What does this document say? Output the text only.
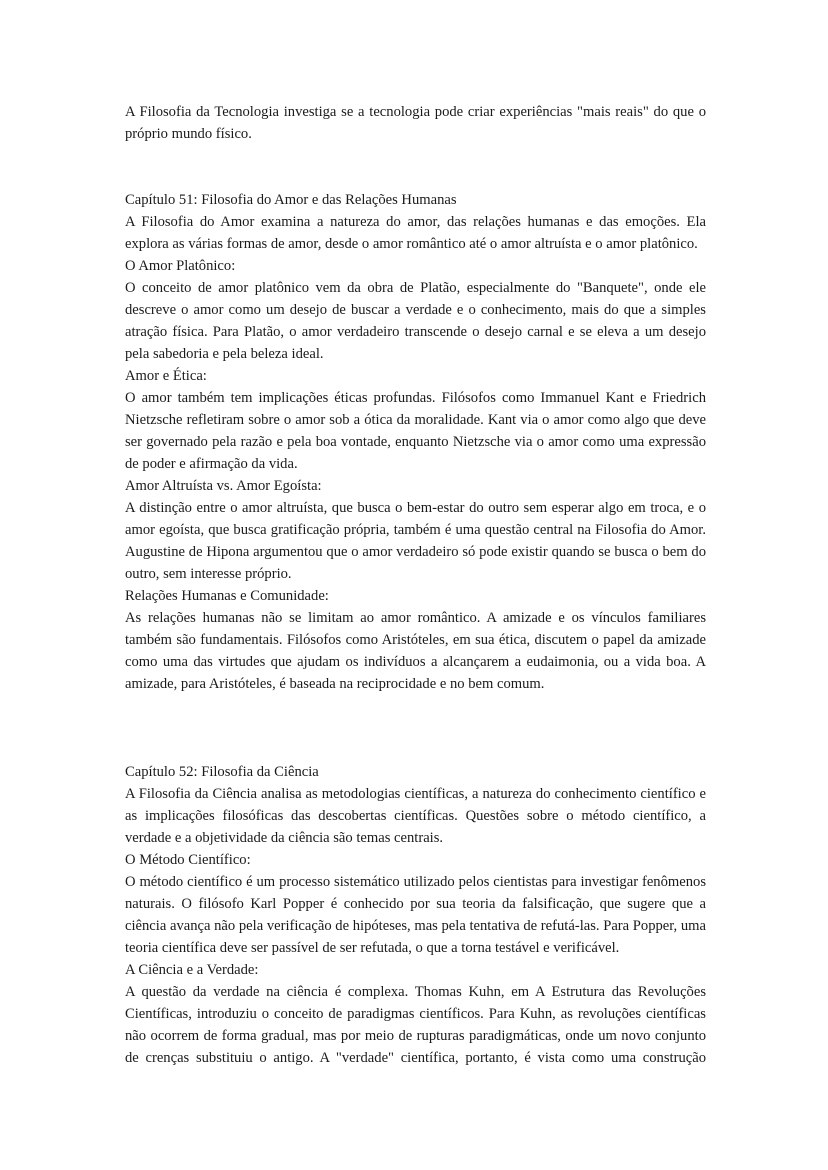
A Filosofia da Tecnologia investiga se a tecnologia pode criar experiências "mais reais" do que o próprio mundo físico.

Capítulo 51: Filosofia do Amor e das Relações Humanas

A Filosofia do Amor examina a natureza do amor, das relações humanas e das emoções. Ela explora as várias formas de amor, desde o amor romântico até o amor altruísta e o amor platônico.

O Amor Platônico:

O conceito de amor platônico vem da obra de Platão, especialmente do "Banquete", onde ele descreve o amor como um desejo de buscar a verdade e o conhecimento, mais do que a simples atração física. Para Platão, o amor verdadeiro transcende o desejo carnal e se eleva a um desejo pela sabedoria e pela beleza ideal.

Amor e Ética:

O amor também tem implicações éticas profundas. Filósofos como Immanuel Kant e Friedrich Nietzsche refletiram sobre o amor sob a ótica da moralidade. Kant via o amor como algo que deve ser governado pela razão e pela boa vontade, enquanto Nietzsche via o amor como uma expressão de poder e afirmação da vida.

Amor Altruísta vs. Amor Egoísta:

A distinção entre o amor altruísta, que busca o bem-estar do outro sem esperar algo em troca, e o amor egoísta, que busca gratificação própria, também é uma questão central na Filosofia do Amor. Augustine de Hipona argumentou que o amor verdadeiro só pode existir quando se busca o bem do outro, sem interesse próprio.

Relações Humanas e Comunidade:

As relações humanas não se limitam ao amor romântico. A amizade e os vínculos familiares também são fundamentais. Filósofos como Aristóteles, em sua ética, discutem o papel da amizade como uma das virtudes que ajudam os indivíduos a alcançarem a eudaimonia, ou a vida boa. A amizade, para Aristóteles, é baseada na reciprocidade e no bem comum.

Capítulo 52: Filosofia da Ciência

A Filosofia da Ciência analisa as metodologias científicas, a natureza do conhecimento científico e as implicações filosóficas das descobertas científicas. Questões sobre o método científico, a verdade e a objetividade da ciência são temas centrais.

O Método Científico:

O método científico é um processo sistemático utilizado pelos cientistas para investigar fenômenos naturais. O filósofo Karl Popper é conhecido por sua teoria da falsificação, que sugere que a ciência avança não pela verificação de hipóteses, mas pela tentativa de refutá-las. Para Popper, uma teoria científica deve ser passível de ser refutada, o que a torna testável e verificável.

A Ciência e a Verdade:

A questão da verdade na ciência é complexa. Thomas Kuhn, em A Estrutura das Revoluções Científicas, introduziu o conceito de paradigmas científicos. Para Kuhn, as revoluções científicas não ocorrem de forma gradual, mas por meio de rupturas paradigmáticas, onde um novo conjunto de crenças substituiu o antigo. A "verdade" científica, portanto, é vista como uma construção
